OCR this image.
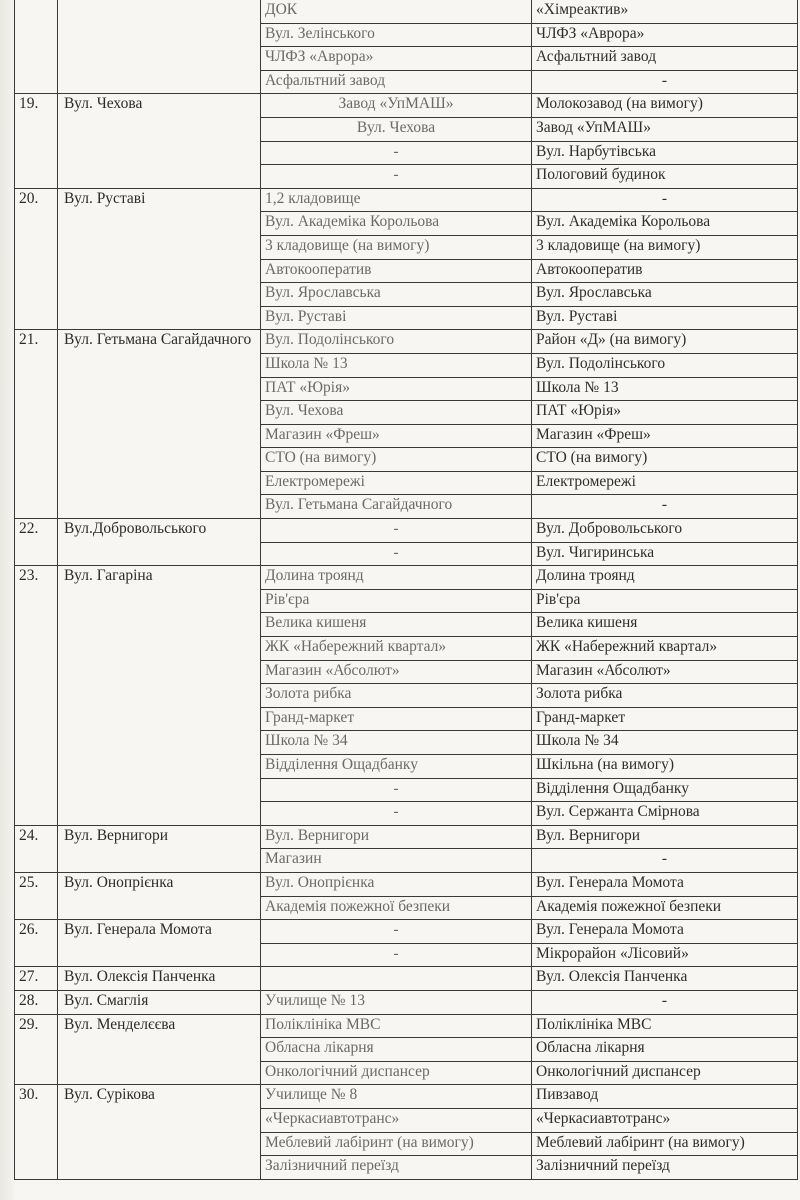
		ДОК	«Хімреактив»
		Вул. Зелінського	ЧЛФЗ «Аврора»
		ЧЛФЗ «Аврора»	Асфальтний завод
		Асфальтний завод	-
19.	Вул. Чехова	Завод «УпМАШ»	Молокозавод (на вимогу)
		Вул. Чехова	Завод «УпМАШ»
		-	Вул. Нарбутівська
		-	Пологовий будинок
20.	Вул. Руставі	1,2 кладовище	-
		Вул. Академіка Корольова	Вул. Академіка Корольова
		3 кладовище (на вимогу)	3 кладовище (на вимогу)
		Автокооператив	Автокооператив
		Вул. Ярославська	Вул. Ярославська
		Вул. Руставі	Вул. Руставі
21.	Вул. Гетьмана Сагайдачного	Вул. Подолінського	Район «Д» (на вимогу)
		Школа № 13	Вул. Подолінського
		ПАТ «Юрія»	Школа № 13
		Вул. Чехова	ПАТ «Юрія»
		Магазин «Фреш»	Магазин «Фреш»
		СТО (на вимогу)	СТО (на вимогу)
		Електромережі	Електромережі
		Вул. Гетьмана Сагайдачного	-
22.	Вул.Добровольського	-	Вул. Добровольського
		-	Вул. Чигиринська
23.	Вул. Гагаріна	Долина троянд	Долина троянд
		Рів'єра	Рів'єра
		Велика кишеня	Велика кишеня
		ЖК «Набережний квартал»	ЖК «Набережний квартал»
		Магазин «Абсолют»	Магазин «Абсолют»
		Золота рибка	Золота рибка
		Гранд-маркет	Гранд-маркет
		Школа № 34	Школа № 34
		Відділення Ощадбанку	Шкільна (на вимогу)
		-	Відділення Ощадбанку
		-	Вул. Сержанта Смірнова
24.	Вул. Вернигори	Вул. Вернигори	Вул. Вернигори
		Магазин	-
25.	Вул. Онопрієнка	Вул. Онопрієнка	Вул. Генерала Момота
		Академія пожежної безпеки	Академія пожежної безпеки
26.	Вул. Генерала Момота	-	Вул. Генерала Момота
		-	Мікрорайон «Лісовий»
27.	Вул. Олексія Панченка		Вул. Олексія Панченка
28.	Вул. Смаглія	Училище № 13	-
29.	Вул. Менделєєва	Поліклініка МВС	Поліклініка МВС
		Обласна лікарня	Обласна лікарня
		Онкологічний диспансер	Онкологічний диспансер
30.	Вул. Сурікова	Училище № 8	Пивзавод
		«Черкасиавтотранс»	«Черкасиавтотранс»
		Меблевий лабіринт (на вимогу)	Меблевий лабіринт (на вимогу)
		Залізничний переїзд	Залізничний переїзд
